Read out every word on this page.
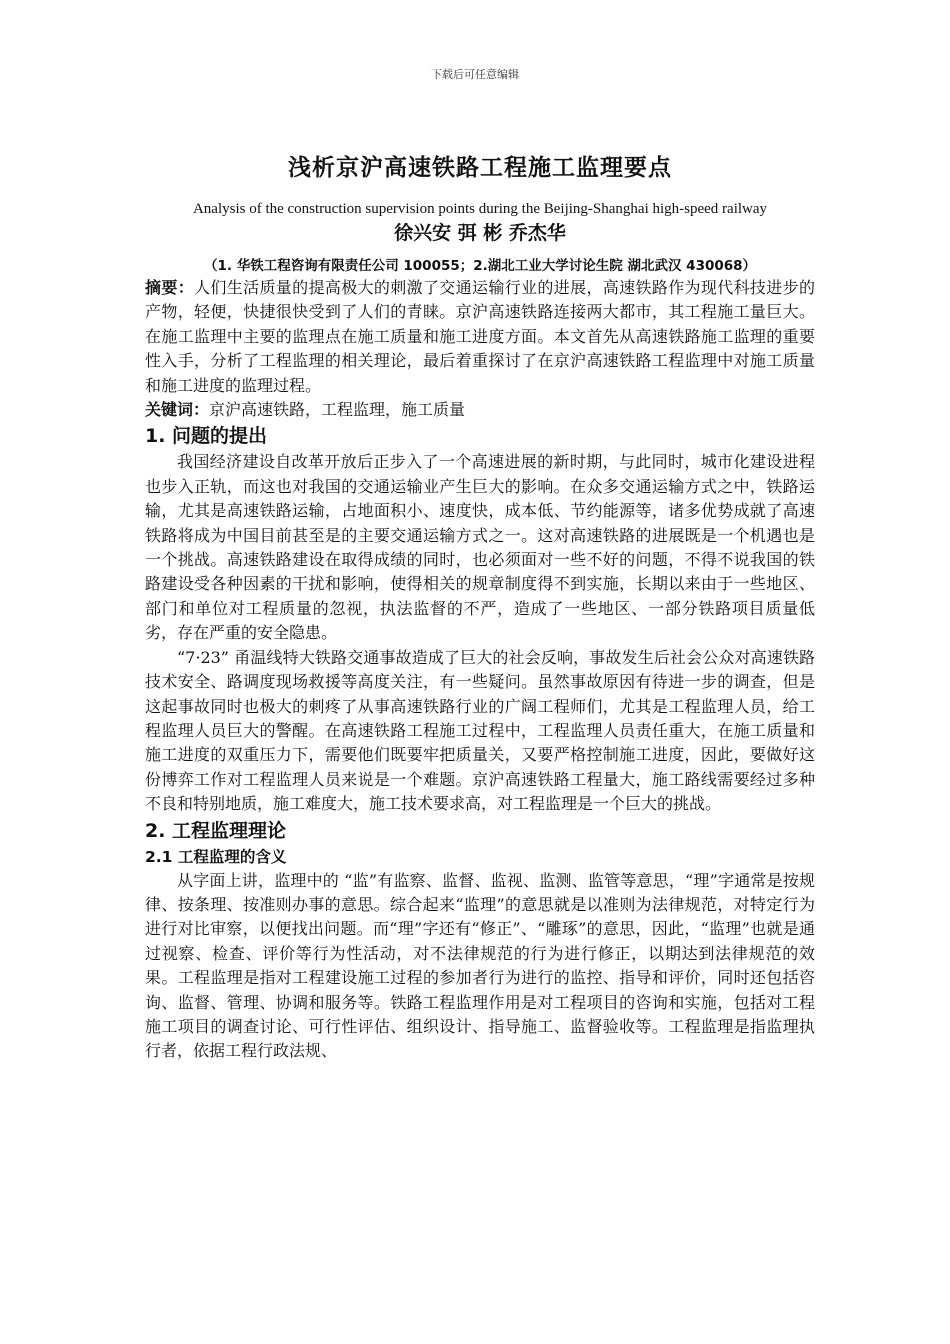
下载后可任意编辑
浅析京沪高速铁路工程施工监理要点
Analysis of the construction supervision points during the Beijing-Shanghai high-speed railway
徐兴安 弭 彬 乔杰华
（1. 华铁工程咨询有限责任公司 100055；2.湖北工业大学讨论生院 湖北武汉 430068）

摘要：人们生活质量的提高极大的刺激了交通运输行业的进展，高速铁路作为现代科技进步的产物，轻便，快捷很快受到了人们的青睐。京沪高速铁路连接两大都市，其工程施工量巨大。在施工监理中主要的监理点在施工质量和施工进度方面。本文首先从高速铁路施工监理的重要性入手，分析了工程监理的相关理论，最后着重探讨了在京沪高速铁路工程监理中对施工质量和施工进度的监理过程。

关键词：京沪高速铁路，工程监理，施工质量

1. 问题的提出

我国经济建设自改革开放后正步入了一个高速进展的新时期，与此同时，城市化建设进程也步入正轨，而这也对我国的交通运输业产生巨大的影响。在众多交通运输方式之中，铁路运输，尤其是高速铁路运输，占地面积小、速度快，成本低、节约能源等，诸多优势成就了高速铁路将成为中国目前甚至是的主要交通运输方式之一。这对高速铁路的进展既是一个机遇也是一个挑战。高速铁路建设在取得成绩的同时，也必须面对一些不好的问题，不得不说我国的铁路建设受各种因素的干扰和影响，使得相关的规章制度得不到实施，长期以来由于一些地区、部门和单位对工程质量的忽视，执法监督的不严，造成了一些地区、一部分铁路项目质量低劣，存在严重的安全隐患。

“7·23” 甬温线特大铁路交通事故造成了巨大的社会反响，事故发生后社会公众对高速铁路技术安全、路调度现场救援等高度关注，有一些疑问。虽然事故原因有待进一步的调查，但是这起事故同时也极大的刺疼了从事高速铁路行业的广阔工程师们，尤其是工程监理人员，给工程监理人员巨大的警醒。在高速铁路工程施工过程中，工程监理人员责任重大，在施工质量和施工进度的双重压力下，需要他们既要牢把质量关，又要严格控制施工进度，因此，要做好这份博弈工作对工程监理人员来说是一个难题。京沪高速铁路工程量大，施工路线需要经过多种不良和特别地质，施工难度大，施工技术要求高，对工程监理是一个巨大的挑战。

2. 工程监理理论
2.1 工程监理的含义

从字面上讲，监理中的 “监”有监察、监督、监视、监测、监管等意思，“理”字通常是按规律、按条理、按准则办事的意思。综合起来“监理”的意思就是以准则为法律规范，对特定行为进行对比审察，以便找出问题。而“理”字还有“修正”、“雕琢”的意思，因此，“监理”也就是通过视察、检查、评价等行为性活动，对不法律规范的行为进行修正，以期达到法律规范的效果。工程监理是指对工程建设施工过程的参加者行为进行的监控、指导和评价，同时还包括咨询、监督、管理、协调和服务等。铁路工程监理作用是对工程项目的咨询和实施，包括对工程施工项目的调查讨论、可行性评估、组织设计、指导施工、监督验收等。工程监理是指监理执行者，依据工程行政法规、
